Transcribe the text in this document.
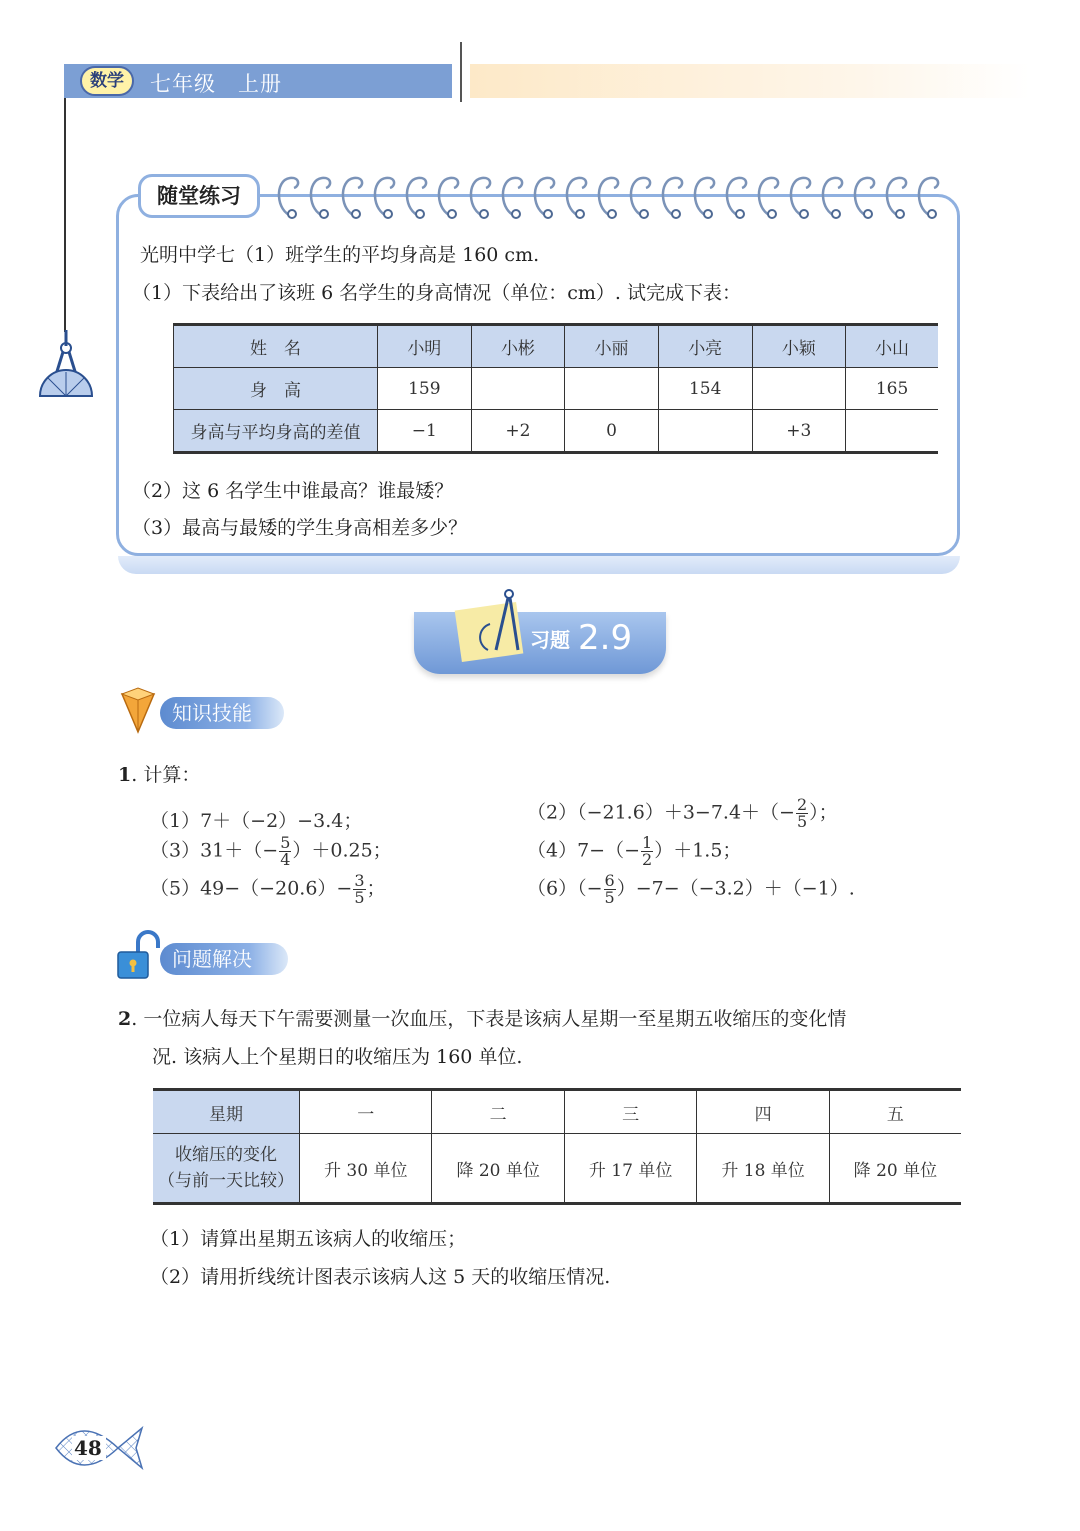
数学	七年级　上册
随堂练习
光明中学七（1）班学生的平均身高是 160 cm.
（1）下表给出了该班 6 名学生的身高情况（单位：cm）. 试完成下表：
姓　名	小明	小彬	小丽	小亮	小颖	小山
身　高	159			154		165
身高与平均身高的差值	−1	+2	0		+3	
（2）这 6 名学生中谁最高？谁最矮？
（3）最高与最矮的学生身高相差多少？
习题 2.9
知识技能
1. 计算：
（1）7＋（−2）−3.4；	$(2)(-21.6)+3-7.4+(- \frac{2}{5}$ ）；
$(3)31+(- \frac{5}{4} )+0.25$；	$(4)7-(- \frac{1}{2} )+1.5$；
$(5)49-(-20.6)- \frac{3}{5}$ ；	$(6)(- \frac{6}{5} )-7-(-3.2)+(-1)$.
问题解决
2. 一位病人每天下午需要测量一次血压，下表是该病人星期一至星期五收缩压的变化情
况. 该病人上个星期日的收缩压为 160 单位.
星期	一	二	三	四	五

收缩压的变化
（与前一天比较）	升 30 单位	降 20 单位	升 17 单位	升 18 单位	降 20 单位
（1）请算出星期五该病人的收缩压；
（2）请用折线统计图表示该病人这 5 天的收缩压情况.
48
